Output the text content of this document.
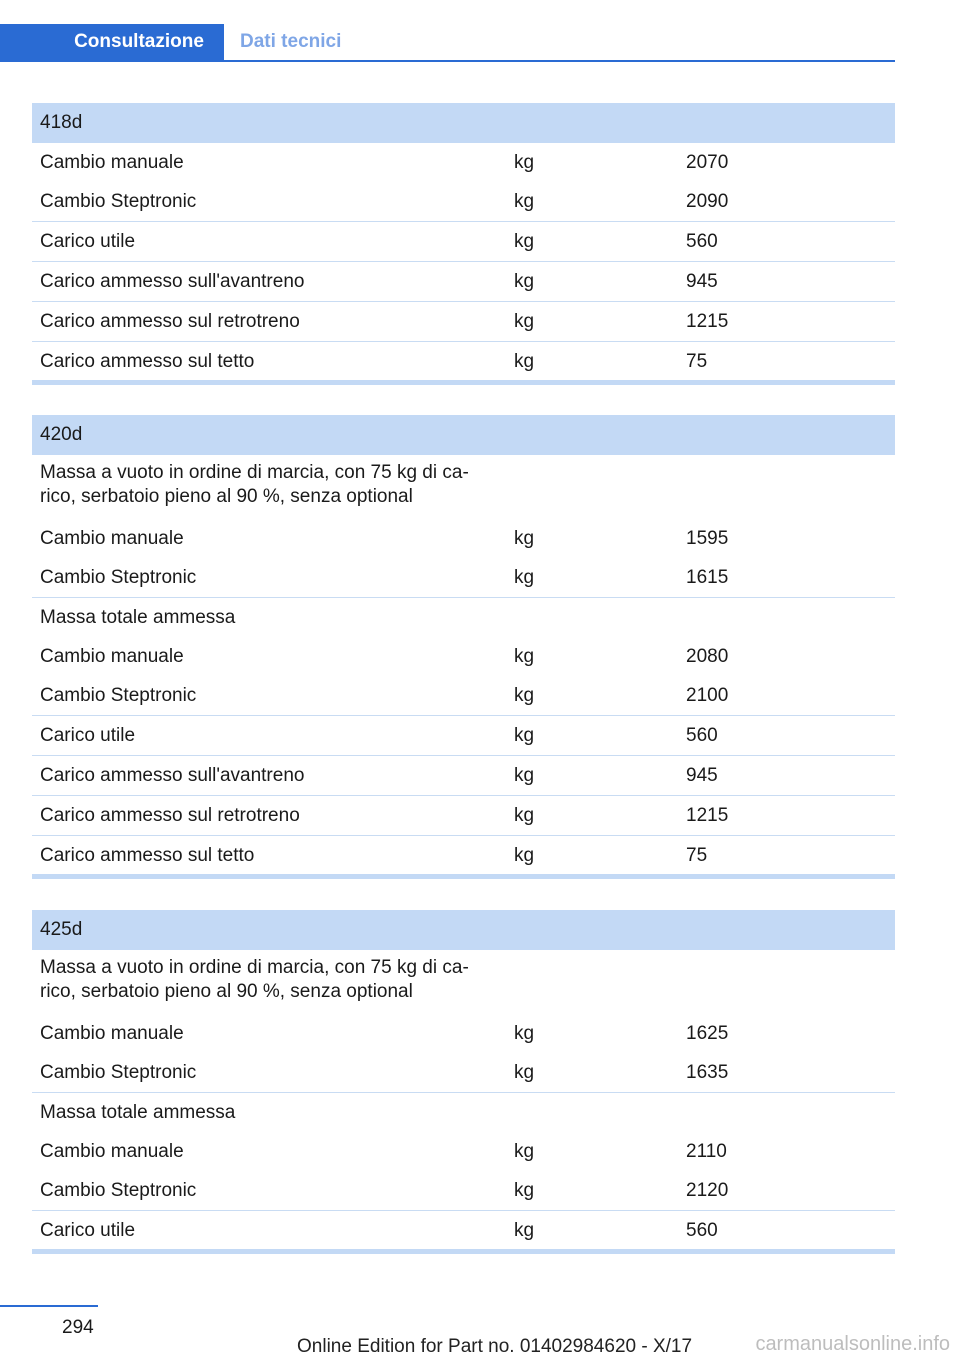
Consultazione	Dati tecnici
418d
Cambio manuale	kg	2070
Cambio Steptronic	kg	2090
Carico utile	kg	560
Carico ammesso sull'avantreno	kg	945
Carico ammesso sul retrotreno	kg	1215
Carico ammesso sul tetto	kg	75
420d
Massa a vuoto in ordine di marcia, con 75 kg di ca-rico, serbatoio pieno al 90 %, senza optional
Cambio manuale	kg	1595
Cambio Steptronic	kg	1615
Massa totale ammessa
Cambio manuale	kg	2080
Cambio Steptronic	kg	2100
Carico utile	kg	560
Carico ammesso sull'avantreno	kg	945
Carico ammesso sul retrotreno	kg	1215
Carico ammesso sul tetto	kg	75
425d
Massa a vuoto in ordine di marcia, con 75 kg di ca-rico, serbatoio pieno al 90 %, senza optional
Cambio manuale	kg	1625
Cambio Steptronic	kg	1635
Massa totale ammessa
Cambio manuale	kg	2110
Cambio Steptronic	kg	2120
Carico utile	kg	560
294
Online Edition for Part no. 01402984620 - X/17	carmanualsonline.info
